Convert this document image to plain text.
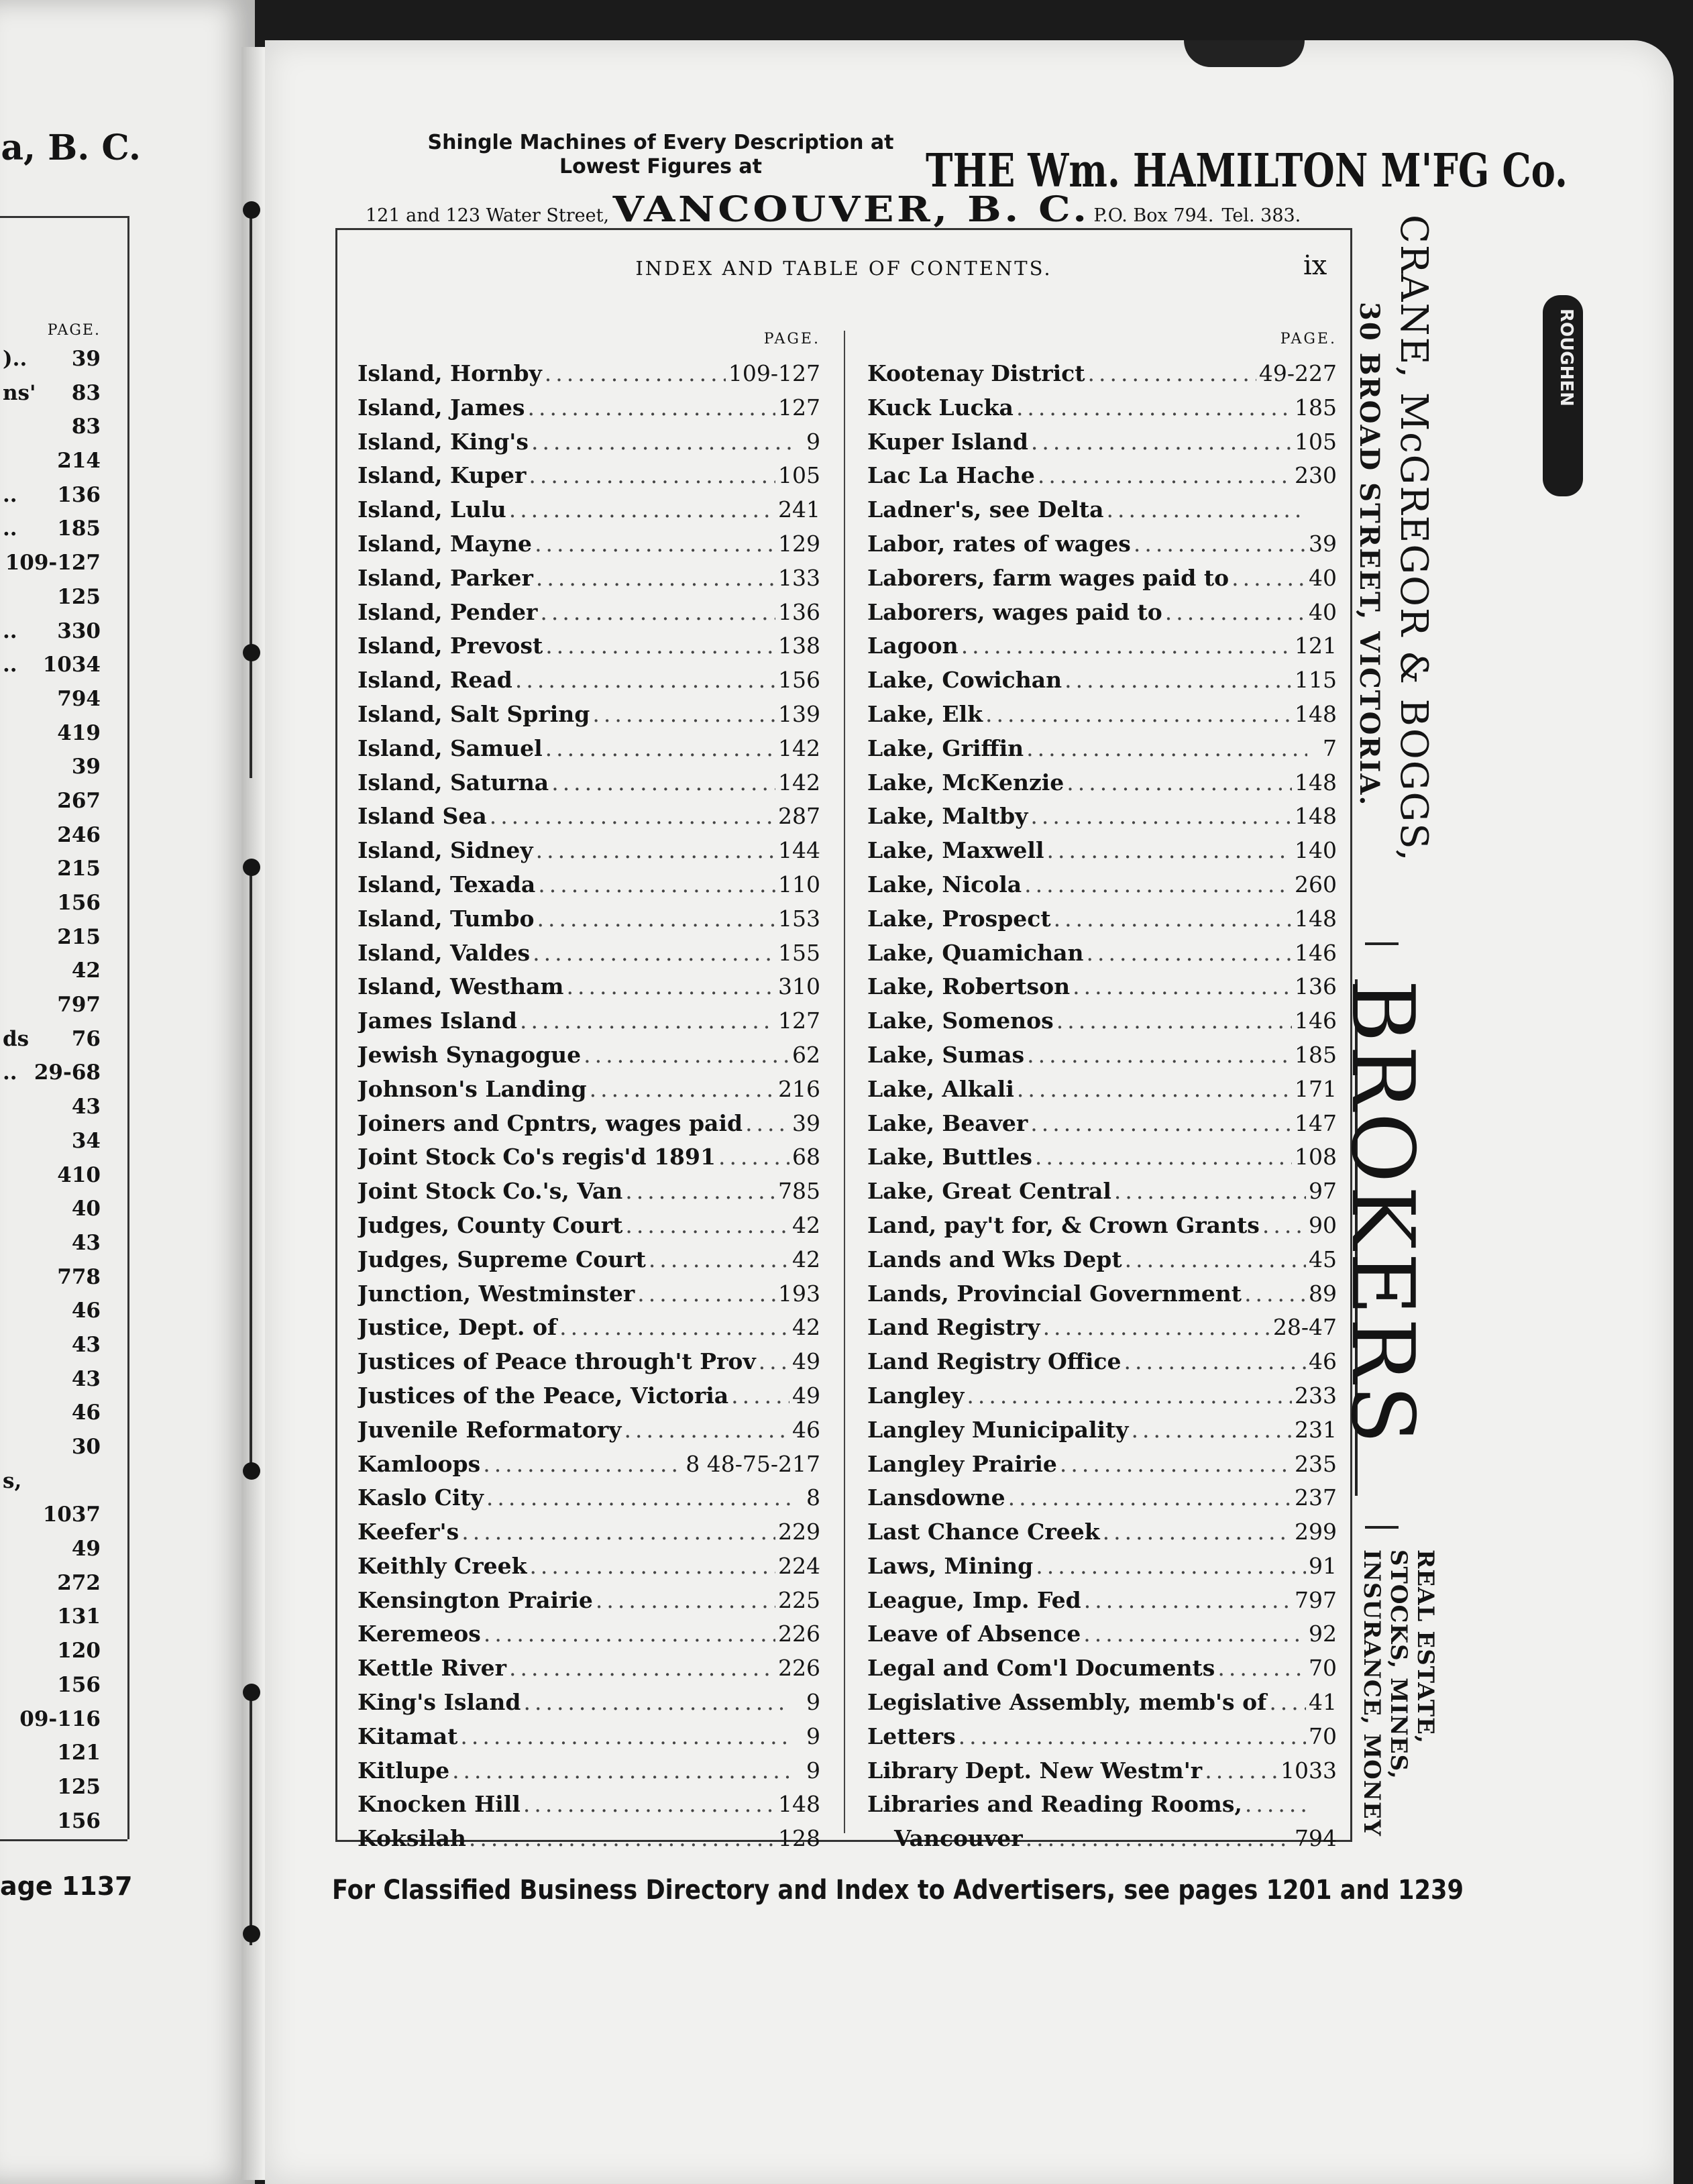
a, B. C.
PAGE.
).. 39
ns' 83
83
214
.. 136
.. 185
109-127
125
.. 330
.. 1034
794
419
39
267
246
215
156
215
42
797
ds 76
.. 29-68
43
34
410
40
43
778
46
43
43
46
30
s,
1037
49
272
131
120
156
09-116
121
125
156
age 1137
Shingle Machines of Every Description at
Lowest Figures at	THE Wm. HAMILTON M'FG Co.
121 and 123 Water Street, VANCOUVER, B. C. P.O. Box 794. Tel. 383.
INDEX AND TABLE OF CONTENTS.	ix
PAGE.
Island, Hornby .....	109-127
Island, James .....	127
Island, King's .....	9
Island, Kuper .....	105
Island, Lulu .....	241
Island, Mayne .....	129
Island, Parker .....	133
Island, Pender .....	136
Island, Prevost .....	138
Island, Read .....	156
Island, Salt Spring .....	139
Island, Samuel .....	142
Island, Saturna .....	142
Island Sea .....	287
Island, Sidney .....	144
Island, Texada .....	110
Island, Tumbo .....	153
Island, Valdes .....	155
Island, Westham .....	310
James Island .....	127
Jewish Synagogue .....	62
Johnson's Landing .....	216
Joiners and Cpntrs, wages paid ..... 39
Joint Stock Co's regis'd 1891 .....	68
Joint Stock Co.'s, Van .....	785
Judges, County Court .....	42
Judges, Supreme Court .....	42
Junction, Westminster .....	193
Justice, Dept. of .....	42
Justices of Peace through't Prov ..... 49
Justices of the Peace, Victoria .....	49
Juvenile Reformatory .....	46
Kamloops .....	8 48-75-217
Kaslo City .....	8
Keefer's .....	229
Keithly Creek .....	224
Kensington Prairie .....	225
Keremeos .....	226
Kettle River .....	226
King's Island .....	9
Kitamat .....	9
Kitlupe .....	9
Knocken Hill .....	148
Koksilah .....	128
PAGE.
Kootenay District .....	49-227
Kuck Lucka .....	185
Kuper Island .....	105
Lac La Hache .....	230
Ladner's, see Delta
.....
Labor, rates of wages .....	39
Laborers, farm wages paid to .....	40
Laborers, wages paid to .....	40
Lagoon .....	121
Lake, Cowichan .....	115
Lake, Elk .....	148
Lake, Griffin .....	7
Lake, McKenzie .....	148
Lake, Maltby .....	148
Lake, Maxwell .....	140
Lake, Nicola .....	260
Lake, Prospect .....	148
Lake, Quamichan .....	146
Lake, Robertson .....	136
Lake, Somenos .....	146
Lake, Sumas .....	185
Lake, Alkali .....	171
Lake, Beaver .....	147
Lake, Buttles .....	108
Lake, Great Central .....	97
Land, pay't for, & Crown Grants ..... 90
Lands and Wks Dept .....	45
Lands, Provincial Government .....	89
Land Registry .....	28-47
Land Registry Office .....	46
Langley .....	233
Langley Municipality .....	231
Langley Prairie .....	235
Lansdowne .....	237
Last Chance Creek .....	299
Laws, Mining .....	91
League, Imp. Fed .....	797
Leave of Absence .....	92
Legal and Com'l Documents .....	70
Legislative Assembly, memb's of ..... 41
Letters .....	70
Library Dept. New Westm'r .....	1033
Libraries and Reading Rooms,
.....
Vancouver .....	794
For Classified Business Directory and Index to Advertisers, see pages 1201 and 1239
CRANE, McGREGOR & BOGGS,
30 BROAD STREET, VICTORIA.
BROKERS
REAL ESTATE,
STOCKS, MINES,
INSURANCE, MONEY
ROUGHEN
